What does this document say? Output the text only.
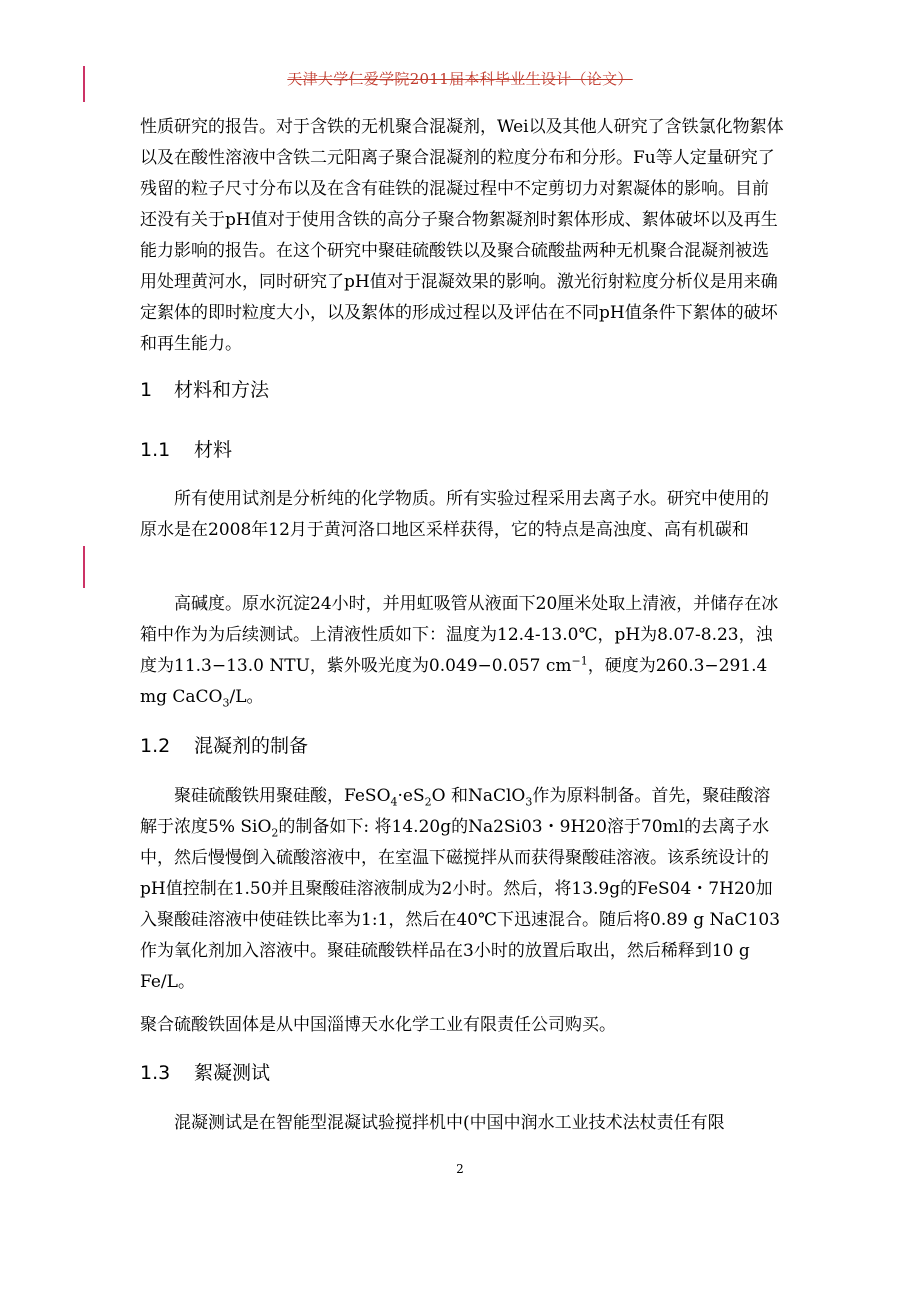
天津大学仁爱学院2011届本科毕业生设计（论文）

性质研究的报告。对于含铁的无机聚合混凝剂，Wei以及其他人研究了含铁氯化物絮体以及在酸性溶液中含铁二元阳离子聚合混凝剂的粒度分布和分形。Fu等人定量研究了残留的粒子尺寸分布以及在含有硅铁的混凝过程中不定剪切力对絮凝体的影响。目前还没有关于pH值对于使用含铁的高分子聚合物絮凝剂时絮体形成、絮体破坏以及再生能力影响的报告。在这个研究中聚硅硫酸铁以及聚合硫酸盐两种无机聚合混凝剂被选用处理黄河水，同时研究了pH值对于混凝效果的影响。激光衍射粒度分析仪是用来确定絮体的即时粒度大小，以及絮体的形成过程以及评估在不同pH值条件下絮体的破坏和再生能力。

1 材料和方法
1.1 材料

所有使用试剂是分析纯的化学物质。所有实验过程采用去离子水。研究中使用的原水是在2008年12月于黄河洛口地区采样获得，它的特点是高浊度、高有机碳和

高碱度。原水沉淀24小时，并用虹吸管从液面下20厘米处取上清液，并储存在冰箱中作为为后续测试。上清液性质如下：温度为12.4-13.0℃，pH为8.07-8.23，浊度为11.3−13.0 NTU，紫外吸光度为0.049−0.057 $cm^{-1}$，硬度为260.3−291.4 mg CaCO$_3$/L。

1.2 混凝剂的制备

聚硅硫酸铁用聚硅酸，$FeSO_4\cdot eS_2O$ 和NaClO$_3$作为原料制备。首先，聚硅酸溶解于浓度5% SiO$_2$的制备如下: 将14.20g的Na2Si03・9H20溶于70ml的去离子水中，然后慢慢倒入硫酸溶液中，在室温下磁搅拌从而获得聚酸硅溶液。该系统设计的pH值控制在1.50并且聚酸硅溶液制成为2小时。然后，将13.9g的FeS04・7H20加入聚酸硅溶液中使硅铁比率为1:1，然后在40℃下迅速混合。随后将0.89 g NaC103作为氧化剂加入溶液中。聚硅硫酸铁样品在3小时的放置后取出，然后稀释到10 g Fe/L。

聚合硫酸铁固体是从中国淄博天水化学工业有限责任公司购买。

1.3 絮凝测试

混凝测试是在智能型混凝试验搅拌机中(中国中润水工业技术法杖责任有限

2
